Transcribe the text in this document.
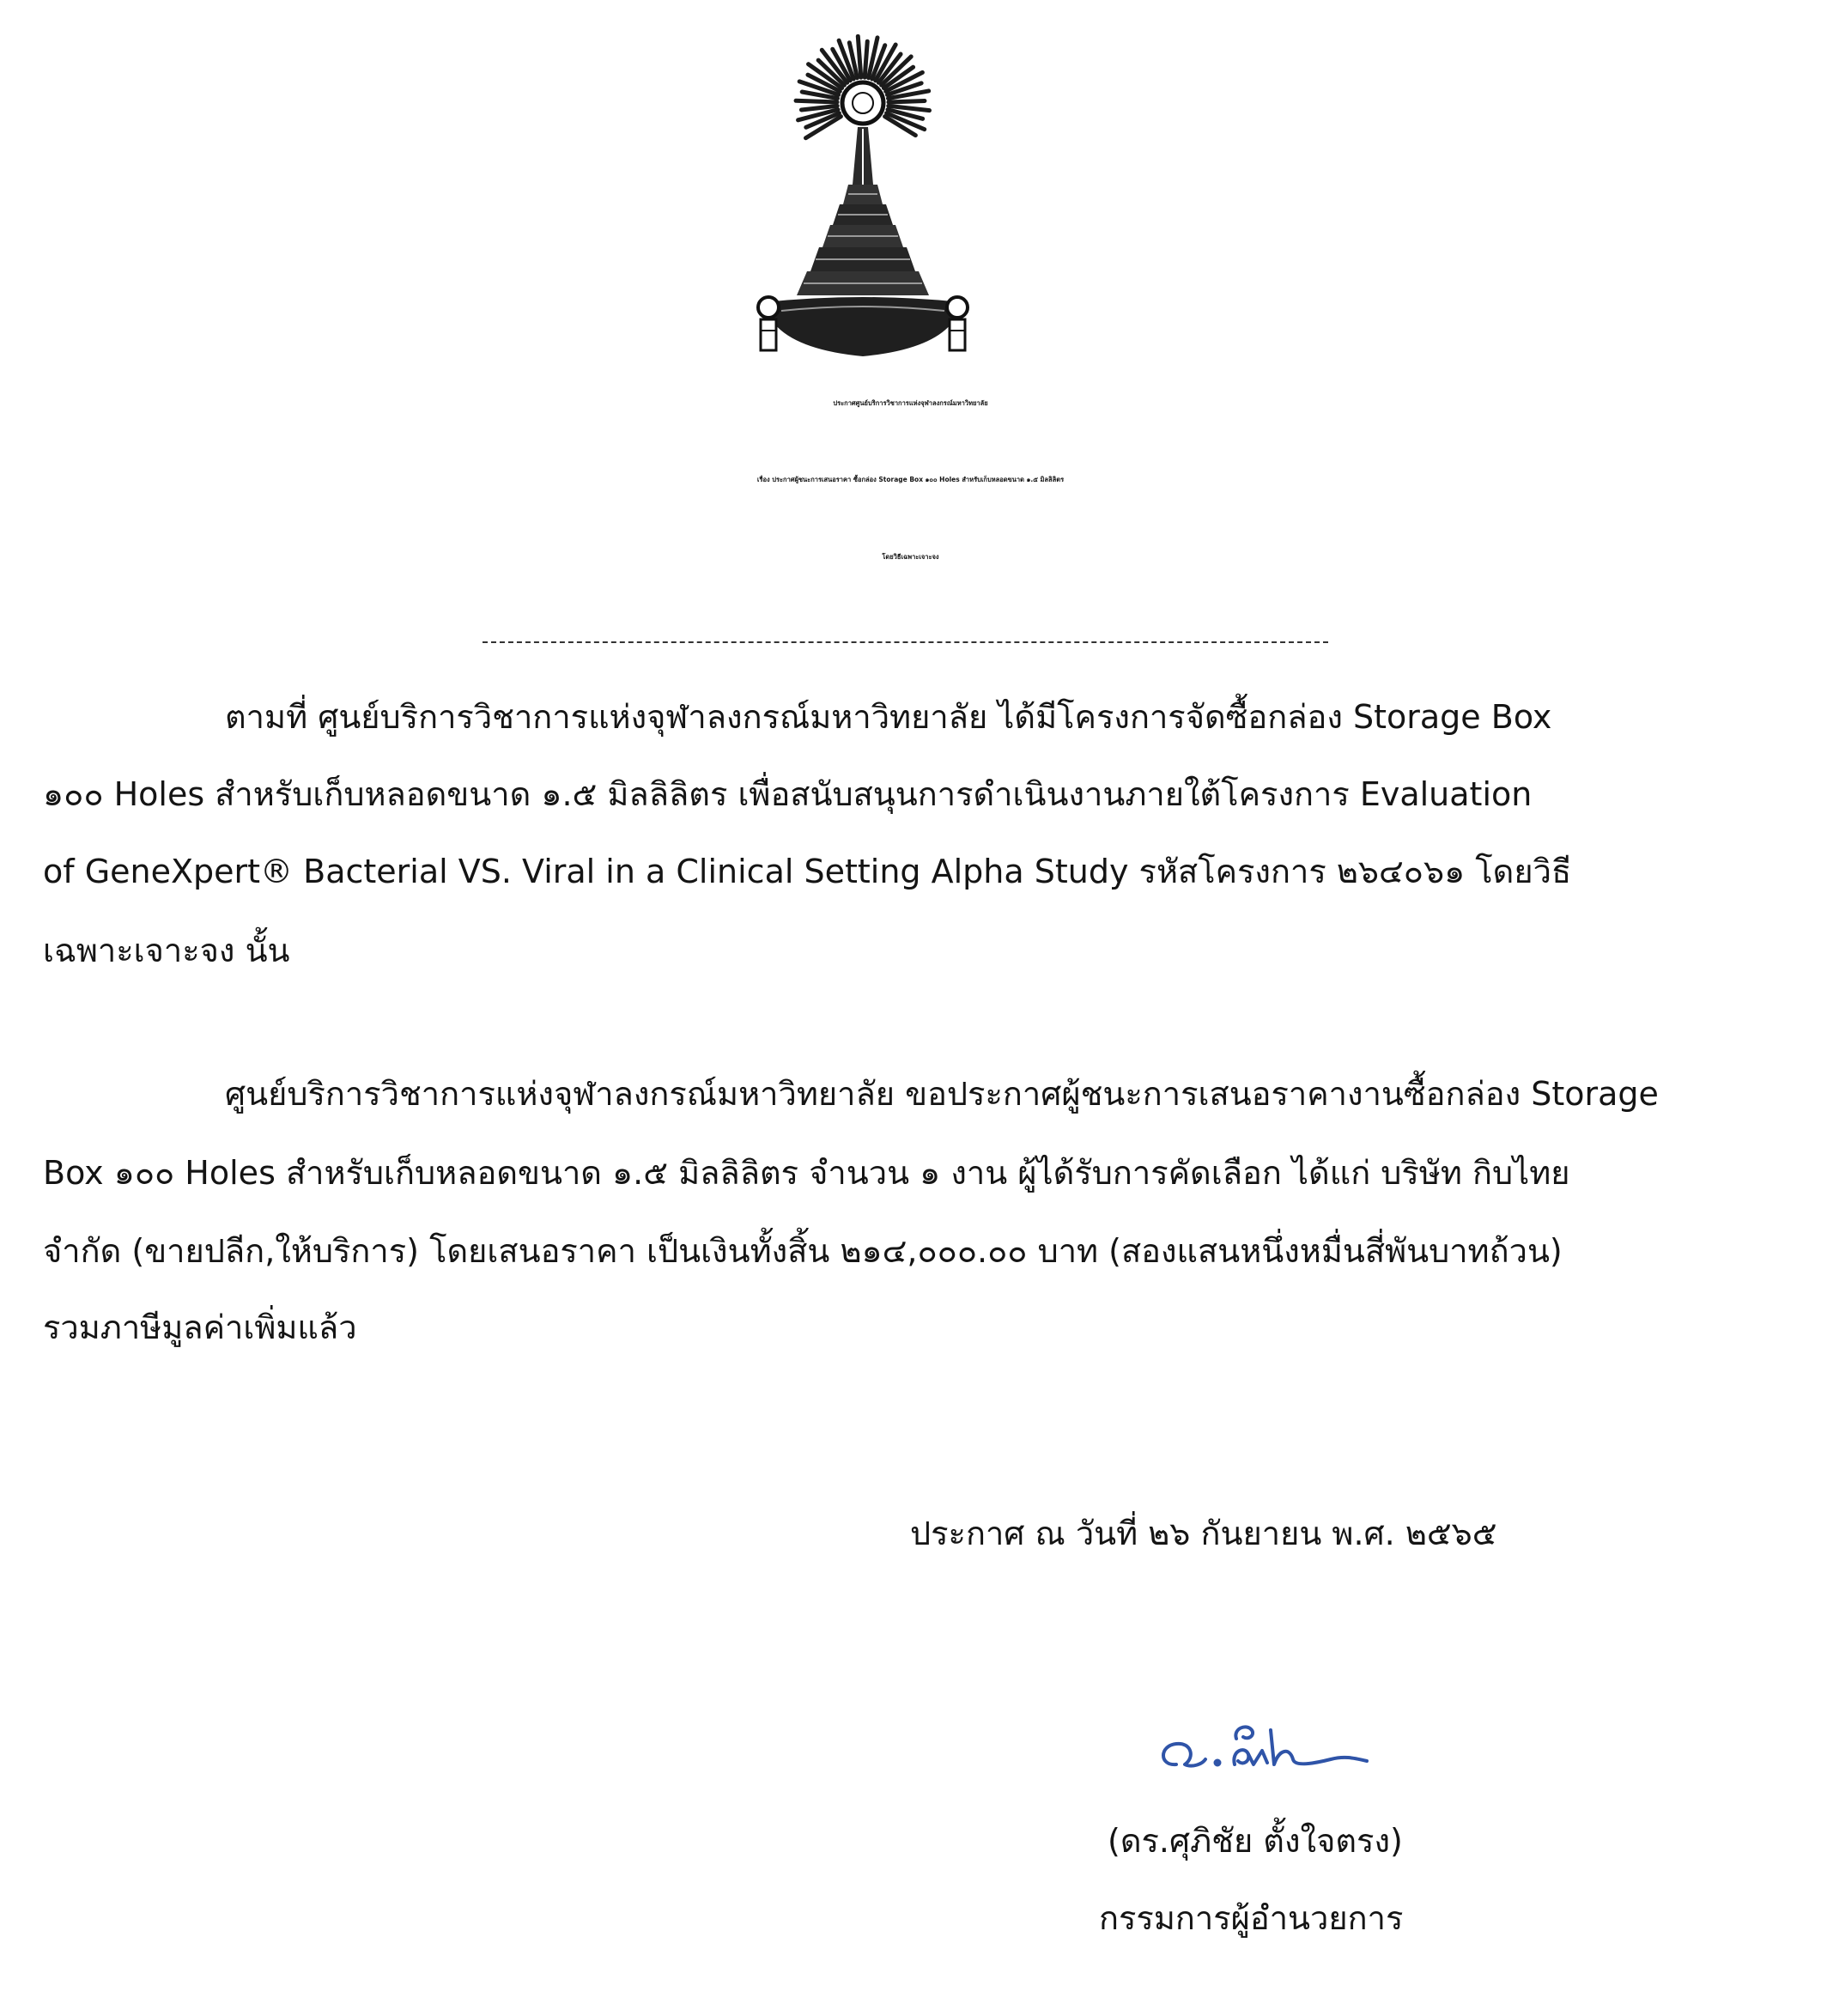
ประกาศศูนย์บริการวิชาการแห่งจุฬาลงกรณ์มหาวิทยาลัย
เรื่อง ประกาศผู้ชนะการเสนอราคา ซื้อกล่อง Storage Box ๑๐๐ Holes สำหรับเก็บหลอดขนาด ๑.๕ มิลลิลิตร
โดยวิธีเฉพาะเจาะจง
ตามที่ ศูนย์บริการวิชาการแห่งจุฬาลงกรณ์มหาวิทยาลัย ได้มีโครงการจัดซื้อกล่อง Storage Box
๑๐๐ Holes สำหรับเก็บหลอดขนาด ๑.๕ มิลลิลิตร เพื่อสนับสนุนการดำเนินงานภายใต้โครงการ Evaluation
of GeneXpert® Bacterial VS. Viral in a Clinical Setting Alpha Study รหัสโครงการ ๒๖๔๐๖๑ โดยวิธี
เฉพาะเจาะจง นั้น
ศูนย์บริการวิชาการแห่งจุฬาลงกรณ์มหาวิทยาลัย ขอประกาศผู้ชนะการเสนอราคางานซื้อกล่อง Storage
Box ๑๐๐ Holes สำหรับเก็บหลอดขนาด ๑.๕ มิลลิลิตร จำนวน ๑ งาน ผู้ได้รับการคัดเลือก ได้แก่ บริษัท กิบไทย
จำกัด (ขายปลีก,ให้บริการ) โดยเสนอราคา เป็นเงินทั้งสิ้น ๒๑๔,๐๐๐.๐๐ บาท (สองแสนหนึ่งหมื่นสี่พันบาทถ้วน)
รวมภาษีมูลค่าเพิ่มแล้ว
ประกาศ ณ วันที่ ๒๖ กันยายน พ.ศ. ๒๕๖๕
(ดร.ศุภิชัย ตั้งใจตรง)
กรรมการผู้อำนวยการ
